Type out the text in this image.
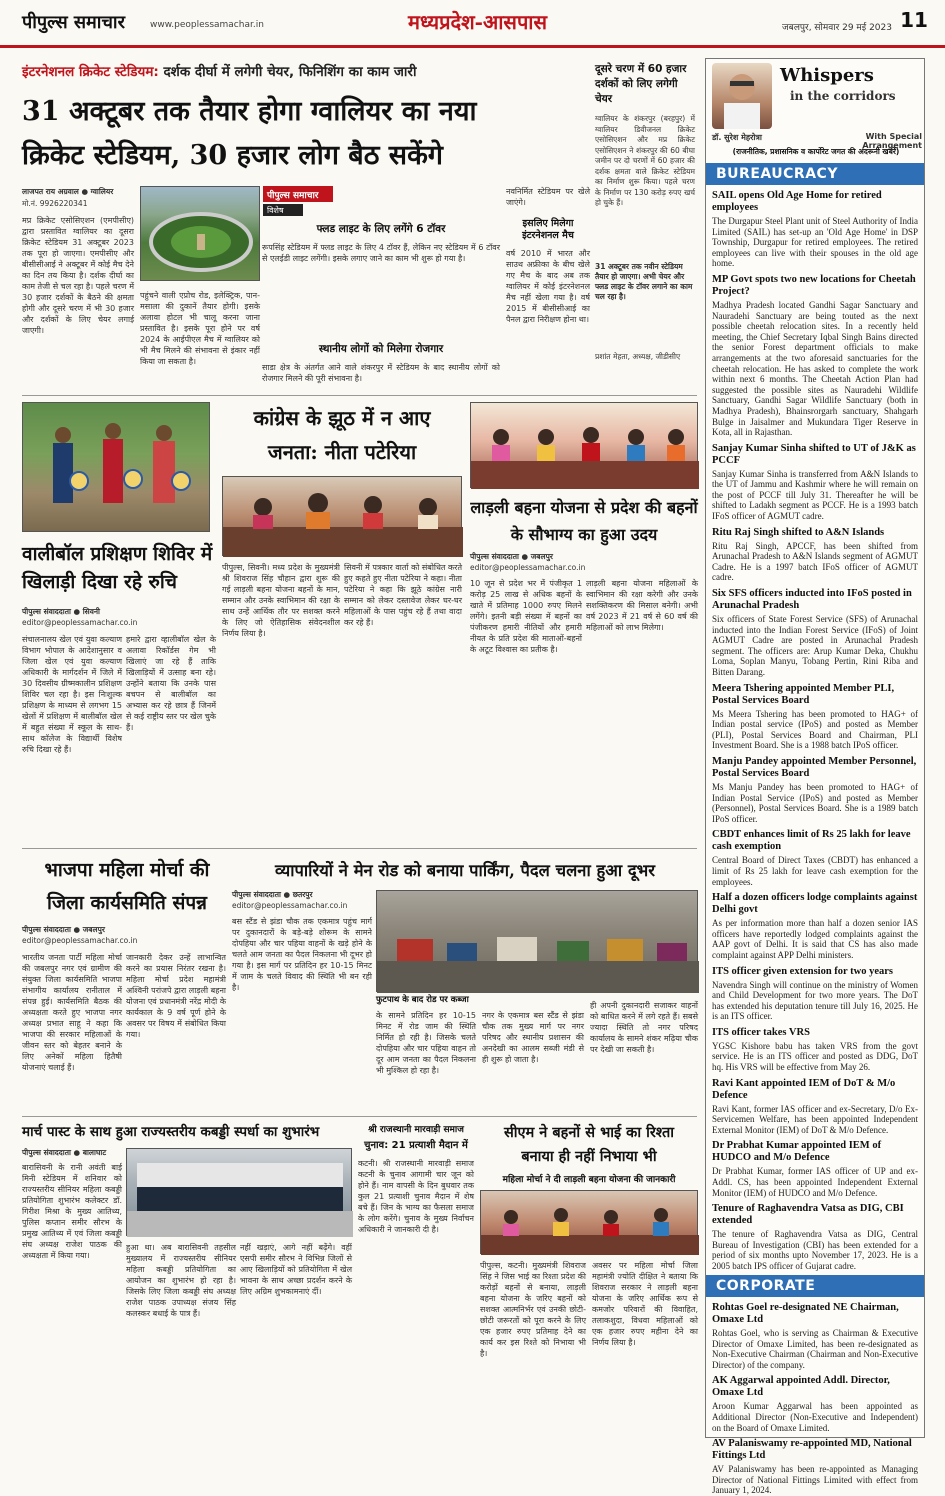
पीपुल्स समाचार	www.peoplessamachar.in	मध्यप्रदेश-आसपास	जबलपुर, सोमवार 29 मई 2023 11
इंटरनेशनल क्रिकेट स्टेडियम: दर्शक दीर्घा में लगेगी चेयर, फिनिशिंग का काम जारी
31 अक्टूबर तक तैयार होगा ग्वालियर का नया
क्रिकेट स्टेडियम, 30 हजार लोग बैठ सकेंगे
लाजपत राय अग्रवाल ● ग्वालियर
मो.नं. 9926220341
मप्र क्रिकेट एसोसिएशन (एमपीसीए) द्वारा प्रस्तावित ग्वालियर का दूसरा क्रिकेट स्टेडियम 31 अक्टूबर 2023 तक पूरा हो जाएगा। एमपीसीए और बीसीसीआई ने अक्टूबर में कोई मैच देने का दिन तय किया है। दर्शक दीर्घा का काम तेजी से चल रहा है। पहले चरण में 30 हजार दर्शकों के बैठने की क्षमता होगी और दूसरे चरण में भी 30 हजार और दर्शकों के लिए चेयर लगाई जाएगी।
पीपुल्स समाचार
विशेष
पहुंचने वाली एप्रोच रोड, इलेक्ट्रिक, पान-मसाला की दुकानें तैयार होगी। इसके अलावा होटल भी चालू करना जाना प्रस्तावित है। इसके पूरा होने पर वर्ष 2024 के आईपीएल मैच में ग्वालियर को भी मैच मिलने की संभावना से इंकार नहीं किया जा सकता है।
फ्लड लाइट के लिए लगेंगे 6 टॉवर
रूपसिंह स्टेडियम में फ्लड लाइट के लिए 4 टॉवर हैं, लेकिन नए स्टेडियम में 6 टॉवर से एलईडी लाइट लगेंगी। इसके लगाए जाने का काम भी शुरू हो गया है।
स्थानीय लोगों को मिलेगा रोजगार
साडा क्षेत्र के अंतर्गत आने वाले शंकरपुर में स्टेडियम के बाद स्थानीय लोगों को रोजगार मिलने की पूरी संभावना है।
नवनिर्मित स्टेडियम पर खेले जाएंगे।
इसलिए मिलेगा इंटरनेशनल मैच
वर्ष 2010 में भारत और साउथ अफ्रीका के बीच खेले गए मैच के बाद अब तक ग्वालियर में कोई इंटरनेशनल मैच नहीं खेला गया है। वर्ष 2015 में बीसीसीआई का पैनल द्वारा निरीक्षण होना था।
दूसरे चरण में 60 हजार दर्शकों को लिए लगेगी चेयर
ग्वालियर के शंकरपुर (बरहपुर) में ग्वालियर डिवीजनल क्रिकेट एसोसिएशन और मप्र क्रिकेट एसोसिएशन ने शंकरपुर की 60 बीघा जमीन पर दो चरणों में 60 हजार की दर्शक क्षमता वाले क्रिकेट स्टेडियम का निर्माण शुरू किया। पहले चरण के निर्माण पर 130 करोड़ रुपए खर्च हो चुके हैं।
31 अक्टूबर तक नवीन स्टेडियम तैयार हो जाएगा। अभी चेयर और फ्लड लाइट के टॉवर लगाने का काम चल रहा है।
प्रशांत मेहता, अध्यक्ष, जीडीसीए
वालीबॉल प्रशिक्षण शिविर में खिलाड़ी दिखा रहे रुचि
पीपुल्स संवाददाता ● सिवनी
editor@peoplessamachar.co.in
संचालनालय खेल एवं युवा कल्याण विभाग भोपाल के आदेशानुसार व जिला खेल एवं युवा कल्याण अधिकारी के मार्गदर्शन में जिले में 30 दिवसीय ग्रीष्मकालीन प्रशिक्षण शिविर चल रहा है। इस निःशुल्क प्रशिक्षण के माध्यम से लगभग 15 खेलों में प्रशिक्षण में बालीबॉल खेल में बहुत संख्या में स्कूल के साथ-साथ कॉलेज के विद्यार्थी विशेष रुचि दिखा रहे हैं।
हमारे द्वारा व्हालीबॉल खेल के अलावा रिकॉर्डस गेम भी खिलाएं जा रहे हैं ताकि खिलाड़ियों में उत्साह बना रहे। उन्होंने बताया कि उनके पास बचपन से बालीबॉल का अभ्यास कर रहे छात्र हैं जिनमें से कई राष्ट्रीय स्तर पर खेल चुके हैं।
कांग्रेस के झूठ में न आए
जनता: नीता पटेरिया
पीपुल्स, सिवनी। मध्य प्रदेश के मुख्यमंत्री श्री शिवराज सिंह चौहान द्वारा शुरू की गई लाड़ली बहना योजना बहनों के मान, सम्मान और उनके स्वाभिमान की रक्षा के साथ उन्हें आर्थिक तौर पर सशक्त करने के लिए जो ऐतिहासिक संवेदनशील निर्णय लिया है।
सिवनी में पत्रकार वार्ता को संबोधित करते हुए कहते हुए नीता पटेरिया ने कहा। नीता पटेरिया ने कहा कि झूठे कांग्रेस नारी सम्मान को लेकर दस्तावेज लेकर घर-घर महिलाओं के पास पहुंच रहे हैं तथा वादा कर रहे हैं।
लाड़ली बहना योजना से प्रदेश की बहनों के सौभाग्य का हुआ उदय
पीपुल्स संवाददाता ● जबलपुर
editor@peoplessamachar.co.in
10 जून से प्रदेश भर में पंजीकृत 1 करोड़ 25 लाख से अधिक बहनों के खाते में प्रतिमाह 1000 रुपए मिलने लगेंगे। इतनी बड़ी संख्या में बहनों का पंजीकरण हमारी नीतियों और हमारी नीयत के प्रति प्रदेश की माताओं-बहनों के अटूट विश्वास का प्रतीक है।
लाड़ली बहना योजना महिलाओं के स्वाभिमान की रक्षा करेगी और उनके सशक्तिकरण की मिसाल बनेगी। अभी वर्ष 2023 में 21 वर्ष से 60 वर्ष की महिलाओं को लाभ मिलेगा।
भाजपा महिला मोर्चा की
जिला कार्यसमिति संपन्न
पीपुल्स संवाददाता ● जबलपुर
editor@peoplessamachar.co.in
भारतीय जनता पार्टी महिला मोर्चा की जबलपुर नगर एवं ग्रामीण की संयुक्त जिला कार्यसमिति भाजपा संभागीय कार्यालय रानीताल में संपन्न हुई। कार्यसमिति बैठक की अध्यक्षता करते हुए भाजपा नगर अध्यक्ष प्रभात साहू ने कहा कि भाजपा की सरकार महिलाओं के जीवन स्तर को बेहतर बनाने के लिए अनेकों महिला हितैषी योजनाएं चलाई हैं।
जानकारी देकर उन्हें लाभान्वित करने का प्रयास निरंतर रखना है। महिला मोर्चा प्रदेश महामंत्री अश्विनी परांजपे द्वारा लाड़ली बहना योजना एवं प्रधानमंत्री नरेंद्र मोदी के कार्यकाल के 9 वर्ष पूर्ण होने के अवसर पर विषय में संबोधित किया गया।
व्यापारियों ने मेन रोड को बनाया पार्किंग, पैदल चलना हुआ दूभर
पीपुल्स संवाददाता ● छतरपुर
editor@peoplessamachar.co.in
बस स्टैंड से झंडा चौक तक एकमात्र पहुंच मार्ग पर दुकानदारों के बड़े-बड़े शोरूम के सामने दोपहिया और चार पहिया वाहनों के खड़े होने के चलते आम जनता का पैदल निकलना भी दूभर हो गया है। इस मार्ग पर प्रतिदिन हर 10-15 मिनट में जाम के चलते विवाद की स्थिति भी बन रही है।
फुटपाथ के बाद रोड पर कब्जा
के सामने प्रतिदिन हर 10-15 मिनट में रोड जाम की स्थिति निर्मित हो रही है। जिसके चलते दोपहिया और चार पहिया वाहन तो दूर आम जनता का पैदल निकलना भी मुश्किल हो रहा है।
नगर के एकमात्र बस स्टैंड से झंडा चौक तक मुख्य मार्ग पर नगर परिषद और स्थानीय प्रशासन की अनदेखी का आलम सब्जी मंडी से ही शुरू हो जाता है।
ही अपनी दुकानदारी सजाकर वाहनों को बाधित करने में लगे रहते हैं। सबसे ज्यादा स्थिति तो नगर परिषद कार्यालय के सामने शंकर मढ़िया चौक पर देखी जा सकती है।
मार्च पास्ट के साथ हुआ राज्यस्तरीय कबड्डी स्पर्धा का शुभारंभ
पीपुल्स संवाददाता ● बालाघाट
बारासिवनी के रानी अवंती बाई मिनी स्टेडियम में शनिवार को राज्यस्तरीय सीनियर महिला कबड्डी प्रतियोगिता शुभारंभ कलेक्टर डॉ. गिरीश मिश्रा के मुख्य आतिथ्य, पुलिस कप्तान समीर सौरभ के प्रमुख आतिथ्य में एवं जिला कबड्डी संघ अध्यक्ष राजेश पाठक की अध्यक्षता में किया गया।
हुआ था। अब बारासिवनी तहसील मुख्यालय में राज्यस्तरीय सीनियर महिला कबड्डी प्रतियोगिता का आयोजन का शुभारंभ हो रहा है। जिसके लिए जिला कबड्डी संघ अध्यक्ष राजेश पाठक उपाध्यक्ष संजय सिंह कलस्कर बधाई के पात्र हैं।
नहीं खड़ाएं, आगे नहीं बढ़ेंगे। वहीं एसपी समीर सौरभ ने विभिन्न जिलों से आए खिलाड़ियों को प्रतियोगिता में खेल भावना के साथ अच्छा प्रदर्शन करने के लिए अग्रिम शुभकामनाएं दीं।
श्री राजस्थानी मारवाड़ी समाज
चुनाव: 21 प्रत्याशी मैदान में
कटनी। श्री राजस्थानी मारवाड़ी समाज कटनी के चुनाव आगामी चार जून को होने हैं। नाम वापसी के दिन बुधवार तक कुल 21 प्रत्याशी चुनाव मैदान में शेष बचे हैं। जिन के भाग्य का फैसला समाज के लोग करेंगे। चुनाव के मुख्य निर्वाचन अधिकारी ने जानकारी दी है।
सीएम ने बहनों से भाई का रिश्ता
बनाया ही नहीं निभाया भी
महिला मोर्चा ने दी लाड़ली बहना योजना की जानकारी
पीपुल्स, कटनी। मुख्यमंत्री शिवराज सिंह ने जिस भाई का रिश्ता प्रदेश की करोड़ों बहनों से बनाया, लाड़ली बहना योजना के जरिए बहनों को सशक्त आत्मनिर्भर एवं उनकी छोटी-छोटी जरूरतों को पूरा करने के लिए एक हजार रुपए प्रतिमाह देने का कार्य कर इस रिश्ते को निभाया भी है।
अवसर पर महिला मोर्चा जिला महामंत्री ज्योति दीक्षित ने बताया कि शिवराज सरकार ने लाड़ली बहना योजना के जरिए आर्थिक रूप से कमजोर परिवारों की विवाहित, तलाकशुदा, विधवा महिलाओं को एक हजार रुपए महीना देने का निर्णय लिया है।
Whispers
in the corridors
डॉ. सुरेश मेहरोत्रा	With Special Arrangement
(राजनीतिक, प्रशासनिक व कार्पोरेट जगत की अंदरूनी खबरें)
BUREAUCRACY
SAIL opens Old Age Home for retired employees
The Durgapur Steel Plant unit of Steel Authority of India Limited (SAIL) has set-up an 'Old Age Home' in DSP Township, Durgapur for retired employees. The retired employees can live with their spouses in the old age home.
MP Govt spots two new locations for Cheetah Project?
Madhya Pradesh located Gandhi Sagar Sanctuary and Nauradehi Sanctuary are being touted as the next possible cheetah relocation sites. In a recently held meeting, the Chief Secretary Iqbal Singh Bains directed the senior Forest department officials to make arrangements at the two aforesaid sanctuaries for the cheetah relocation. He has asked to complete the work within next 6 months. The Cheetah Action Plan had suggested the possible sites as Nauradehi Wildlife Sanctuary, Gandhi Sagar Wildlife Sanctuary (both in Madhya Pradesh), Bhainsrorgarh sanctuary, Shahgarh Bulge in Jaisalmer and Mukundara Tiger Reserve in Kota, all in Rajasthan.
Sanjay Kumar Sinha shifted to UT of J&K as PCCF
Sanjay Kumar Sinha is transferred from A&N Islands to the UT of Jammu and Kashmir where he will remain on the post of PCCF till July 31. Thereafter he will be shifted to Ladakh segment as PCCF. He is a 1993 batch IFoS officer of AGMUT cadre.
Ritu Raj Singh shifted to A&N Islands
Ritu Raj Singh, APCCF, has been shifted from Arunachal Pradesh to A&N Islands segment of AGMUT Cadre. He is a 1997 batch IFoS officer of AGMUT cadre.
Six SFS officers inducted into IFoS posted in Arunachal Pradesh
Six officers of State Forest Service (SFS) of Arunachal inducted into the Indian Forest Service (IFoS) of Joint AGMUT Cadre are posted in Arunachal Pradesh segment. The officers are: Arup Kumar Deka, Chukhu Loma, Soplan Manyu, Tobang Pertin, Rini Riba and Bitten Darang.
Meera Tshering appointed Member PLI, Postal Services Board
Ms Meera Tshering has been promoted to HAG+ of Indian postal service (IPoS) and posted as Member (PLI), Postal Services Board and Chairman, PLI Investment Board. She is a 1988 batch IPoS officer.
Manju Pandey appointed Member Personnel, Postal Services Board
Ms Manju Pandey has been promoted to HAG+ of Indian Postal Service (IPoS) and posted as Member (Personnel), Postal Services Board. She is a 1989 batch IPoS officer.
CBDT enhances limit of Rs 25 lakh for leave cash exemption
Central Board of Direct Taxes (CBDT) has enhanced a limit of Rs 25 lakh for leave cash exemption for the employees.
Half a dozen officers lodge complaints against Delhi govt
As per information more than half a dozen senior IAS officers have reportedly lodged complaints against the AAP govt of Delhi. It is said that CS has also made complaint against APP Delhi ministers.
ITS officer given extension for two years
Navendra Singh will continue on the ministry of Women and Child Development for two more years. The DoT has extended his deputation tenure till July 16, 2025. He is an ITS officer.
ITS officer takes VRS
YGSC Kishore babu has taken VRS from the govt service. He is an ITS officer and posted as DDG, DoT hq. His VRS will be effective from May 26.
Ravi Kant appointed IEM of DoT & M/o Defence
Ravi Kant, former IAS officer and ex-Secretary, D/o Ex-Servicemen Welfare, has been appointed Independent External Monitor (IEM) of DoT & M/o Defence.
Dr Prabhat Kumar appointed IEM of HUDCO and M/o Defence
Dr Prabhat Kumar, former IAS officer of UP and ex-Addl. CS, has been appointed Independent External Monitor (IEM) of HUDCO and M/o Defence.
Tenure of Raghavendra Vatsa as DIG, CBI extended
The tenure of Raghavendra Vatsa as DIG, Central Bureau of Investigation (CBI) has been extended for a period of six months upto November 17, 2023. He is a 2005 batch IPS officer of Gujarat cadre.
CORPORATE
Rohtas Goel re-designated NE Chairman, Omaxe Ltd
Rohtas Goel, who is serving as Chairman & Executive Director of Omaxe Limited, has been re-designated as Non-Executive Chairman (Chairman and Non-Executive Director) of the company.
AK Aggarwal appointed Addl. Director, Omaxe Ltd
Aroon Kumar Aggarwal has been appointed as Additional Director (Non-Executive and Independent) on the Board of Omaxe Limited.
AV Palaniswamy re-appointed MD, National Fittings Ltd
AV Palaniswamy has been re-appointed as Managing Director of National Fittings Limited with effect from January 1, 2024.
